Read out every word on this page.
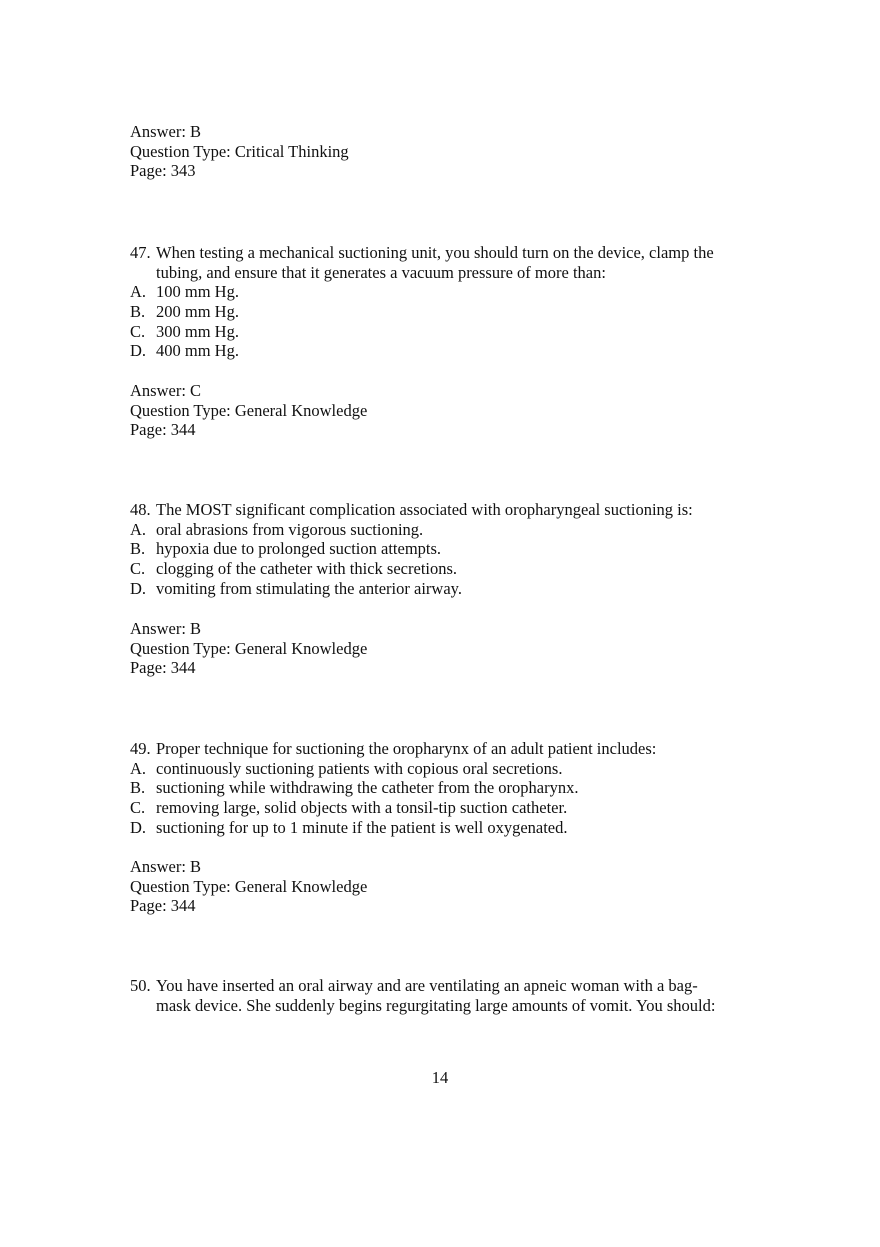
Answer: B
Question Type: Critical Thinking
Page: 343
47. When testing a mechanical suctioning unit, you should turn on the device, clamp the
tubing, and ensure that it generates a vacuum pressure of more than:
A. 100 mm Hg.
B. 200 mm Hg.
C. 300 mm Hg.
D. 400 mm Hg.
Answer: C
Question Type: General Knowledge
Page: 344
48. The MOST significant complication associated with oropharyngeal suctioning is:
A. oral abrasions from vigorous suctioning.
B. hypoxia due to prolonged suction attempts.
C. clogging of the catheter with thick secretions.
D. vomiting from stimulating the anterior airway.
Answer: B
Question Type: General Knowledge
Page: 344
49. Proper technique for suctioning the oropharynx of an adult patient includes:
A. continuously suctioning patients with copious oral secretions.
B. suctioning while withdrawing the catheter from the oropharynx.
C. removing large, solid objects with a tonsil-tip suction catheter.
D. suctioning for up to 1 minute if the patient is well oxygenated.
Answer: B
Question Type: General Knowledge
Page: 344
50. You have inserted an oral airway and are ventilating an apneic woman with a bag-
mask device. She suddenly begins regurgitating large amounts of vomit. You should:
14
